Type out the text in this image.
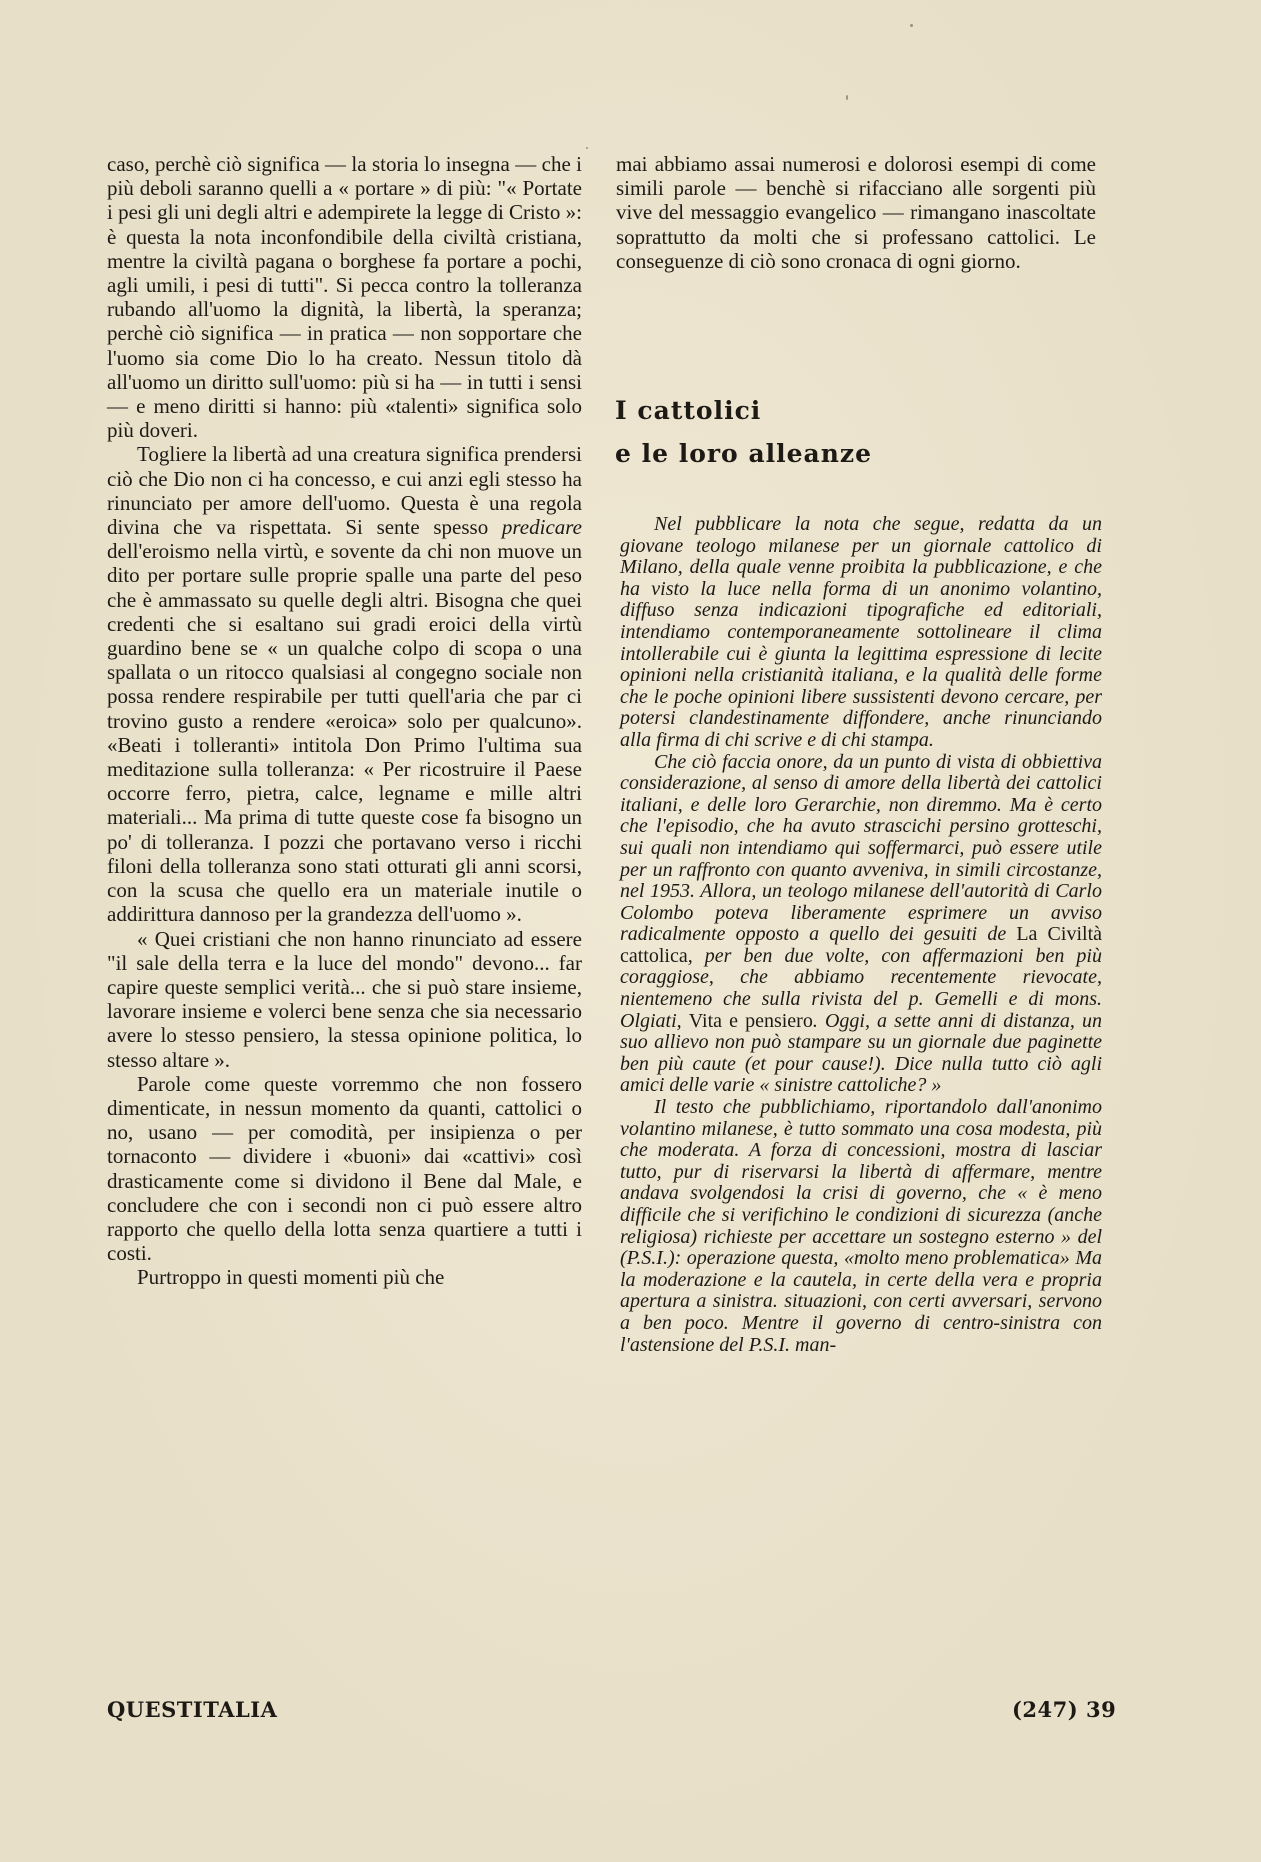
caso, perchè ciò significa — la storia lo insegna — che i più deboli saranno quelli a « portare » di più: "« Portate i pesi gli uni degli altri e adempirete la legge di Cristo »: è questa la nota inconfondibile della civiltà cristiana, mentre la civiltà pagana o borghese fa portare a pochi, agli umili, i pesi di tutti". Si pecca contro la tolleranza rubando all'uomo la dignità, la libertà, la speranza; perchè ciò significa — in pratica — non sopportare che l'uomo sia come Dio lo ha creato. Nessun titolo dà all'uomo un diritto sull'uomo: più si ha — in tutti i sensi — e meno diritti si hanno: più «talenti» significa solo più doveri.

Togliere la libertà ad una creatura significa prendersi ciò che Dio non ci ha concesso, e cui anzi egli stesso ha rinunciato per amore dell'uomo. Questa è una regola divina che va rispettata. Si sente spesso predicare dell'eroismo nella virtù, e sovente da chi non muove un dito per portare sulle proprie spalle una parte del peso che è ammassato su quelle degli altri. Bisogna che quei credenti che si esaltano sui gradi eroici della virtù guardino bene se « un qualche colpo di scopa o una spallata o un ritocco qualsiasi al congegno sociale non possa rendere respirabile per tutti quell'aria che par ci trovino gusto a rendere «eroica» solo per qualcuno». «Beati i tolleranti» intitola Don Primo l'ultima sua meditazione sulla tolleranza: « Per ricostruire il Paese occorre ferro, pietra, calce, legname e mille altri materiali... Ma prima di tutte queste cose fa bisogno un po' di tolleranza. I pozzi che portavano verso i ricchi filoni della tolleranza sono stati otturati gli anni scorsi, con la scusa che quello era un materiale inutile o addirittura dannoso per la grandezza dell'uomo ».

« Quei cristiani che non hanno rinunciato ad essere "il sale della terra e la luce del mondo" devono... far capire queste semplici verità... che si può stare insieme, lavorare insieme e volerci bene senza che sia necessario avere lo stesso pensiero, la stessa opinione politica, lo stesso altare ».

Parole come queste vorremmo che non fossero dimenticate, in nessun momento da quanti, cattolici o no, usano — per comodità, per insipienza o per tornaconto — dividere i «buoni» dai «cattivi» così drasticamente come si dividono il Bene dal Male, e concludere che con i secondi non ci può essere altro rapporto che quello della lotta senza quartiere a tutti i costi.

Purtroppo in questi momenti più che

mai abbiamo assai numerosi e dolorosi esempi di come simili parole — benchè si rifacciano alle sorgenti più vive del messaggio evangelico — rimangano inascoltate soprattutto da molti che si professano cattolici. Le conseguenze di ciò sono cronaca di ogni giorno.

I cattolici
e le loro alleanze

Nel pubblicare la nota che segue, redatta da un giovane teologo milanese per un giornale cattolico di Milano, della quale venne proibita la pubblicazione, e che ha visto la luce nella forma di un anonimo volantino, diffuso senza indicazioni tipografiche ed editoriali, intendiamo contemporaneamente sottolineare il clima intollerabile cui è giunta la legittima espressione di lecite opinioni nella cristianità italiana, e la qualità delle forme che le poche opinioni libere sussistenti devono cercare, per potersi clandestinamente diffondere, anche rinunciando alla firma di chi scrive e di chi stampa.

Che ciò faccia onore, da un punto di vista di obbiettiva considerazione, al senso di amore della libertà dei cattolici italiani, e delle loro Gerarchie, non diremmo. Ma è certo che l'episodio, che ha avuto strascichi persino grotteschi, sui quali non intendiamo qui soffermarci, può essere utile per un raffronto con quanto avveniva, in simili circostanze, nel 1953. Allora, un teologo milanese dell'autorità di Carlo Colombo poteva liberamente esprimere un avviso radicalmente opposto a quello dei gesuiti de La Civiltà cattolica, per ben due volte, con affermazioni ben più coraggiose, che abbiamo recentemente rievocate, nientemeno che sulla rivista del p. Gemelli e di mons. Olgiati, Vita e pensiero. Oggi, a sette anni di distanza, un suo allievo non può stampare su un giornale due paginette ben più caute (et pour cause!). Dice nulla tutto ciò agli amici delle varie « sinistre cattoliche? »

Il testo che pubblichiamo, riportandolo dall'anonimo volantino milanese, è tutto sommato una cosa modesta, più che moderata. A forza di concessioni, mostra di lasciar tutto, pur di riservarsi la libertà di affermare, mentre andava svolgendosi la crisi di governo, che « è meno difficile che si verifichino le condizioni di sicurezza (anche religiosa) richieste per accettare un sostegno esterno » del (P.S.I.): operazione questa, «molto meno problematica» Ma la moderazione e la cautela, in certe della vera e propria apertura a sinistra. situazioni, con certi avversari, servono a ben poco. Mentre il governo di centro-sinistra con l'astensione del P.S.I. man-

QUESTITALIA	(247) 39
